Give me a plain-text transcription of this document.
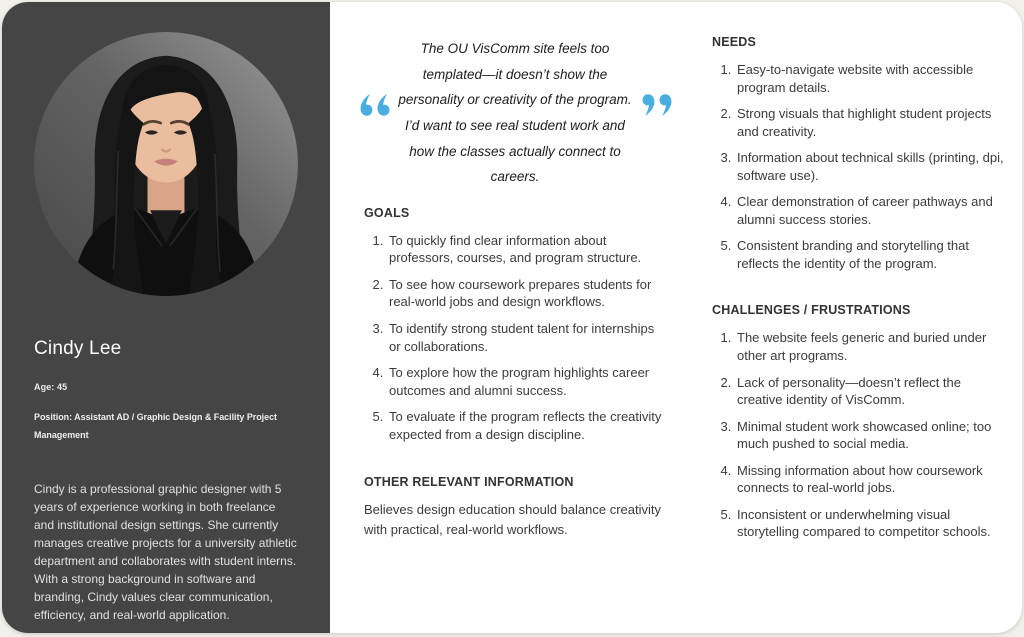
Cindy Lee
Age: 45
Position: Assistant AD / Graphic Design & Facility Project Management

Cindy is a professional graphic designer with 5 years of experience working in both freelance and institutional design settings. She currently manages creative projects for a university athletic department and collaborates with student interns. With a strong background in software and branding, Cindy values clear communication, efficiency, and real-world application.

The OU VisComm site feels too templated—it doesn’t show the personality or creativity of the program. I’d want to see real student work and how the classes actually connect to careers.

GOALS
1. To quickly find clear information about professors, courses, and program structure.
2. To see how coursework prepares students for real-world jobs and design workflows.
3. To identify strong student talent for internships or collaborations.
4. To explore how the program highlights career outcomes and alumni success.
5. To evaluate if the program reflects the creativity expected from a design discipline.
OTHER RELEVANT INFORMATION

Believes design education should balance creativity with practical, real-world workflows.

NEEDS
1. Easy-to-navigate website with accessible program details.
2. Strong visuals that highlight student projects and creativity.
3. Information about technical skills (printing, dpi, software use).
4. Clear demonstration of career pathways and alumni success stories.
5. Consistent branding and storytelling that reflects the identity of the program.
CHALLENGES / FRUSTRATIONS
1. The website feels generic and buried under other art programs.
2. Lack of personality—doesn’t reflect the creative identity of VisComm.
3. Minimal student work showcased online; too much pushed to social media.
4. Missing information about how coursework connects to real-world jobs.
5. Inconsistent or underwhelming visual storytelling compared to competitor schools.
